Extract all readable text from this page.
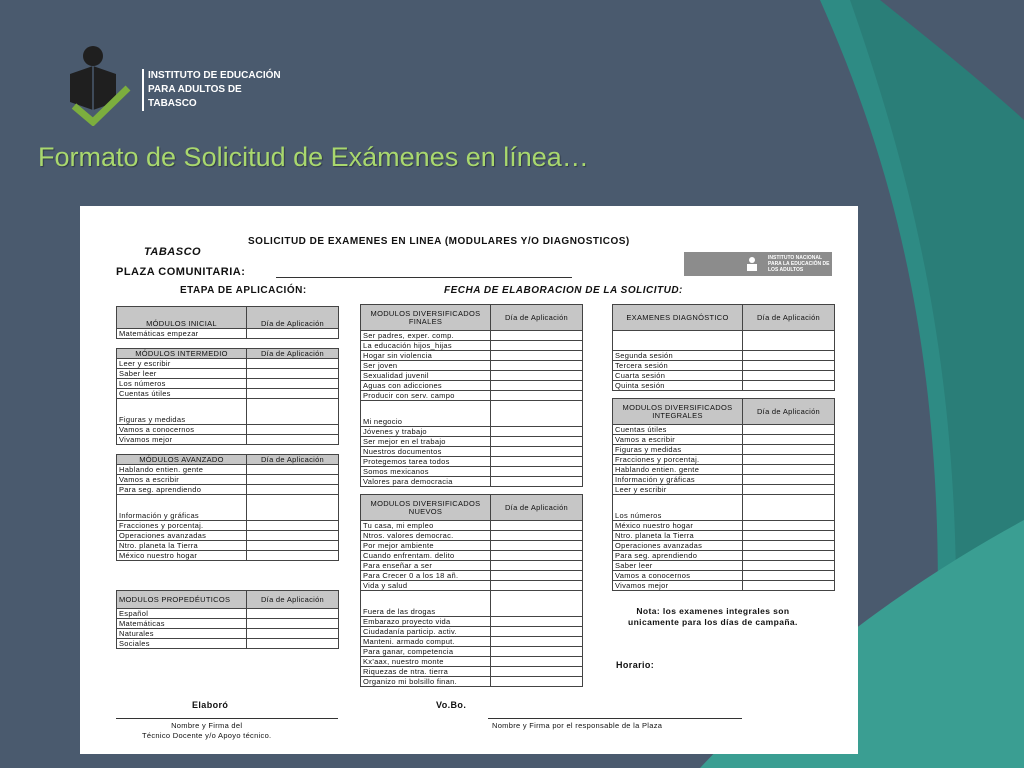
INSTITUTO DE EDUCACIÓN
PARA ADULTOS DE
TABASCO
Formato de Solicitud de Exámenes en línea…
SOLICITUD DE EXAMENES EN LINEA (MODULARES Y/O DIAGNOSTICOS)
TABASCO
PLAZA COMUNITARIA:
ETAPA DE APLICACIÓN:	FECHA DE ELABORACION DE LA SOLICITUD:
INSTITUTO NACIONAL PARA LA EDUCACIÓN DE LOS ADULTOS
MÓDULOS INICIAL	Día de Aplicación
Matemáticas empezar	
MÓDULOS INTERMEDIO	Día de Aplicación
Leer y escribir	
Saber leer	
Los números	
Cuentas útiles	
Figuras y medidas	
Vamos a conocernos	
Vivamos mejor	
MÓDULOS AVANZADO	Día de Aplicación
Hablando entien. gente	
Vamos a escribir	
Para seg. aprendiendo	
Información y gráficas	
Fracciones y porcentaj.	
Operaciones avanzadas	
Ntro. planeta la Tierra	
México nuestro hogar	
MODULOS PROPEDÉUTICOS	Día de Aplicación
Español	
Matemáticas	
Naturales	
Sociales	
MODULOS DIVERSIFICADOS FINALES	Día de Aplicación
Ser padres, exper. comp.	
La educación hijos_hijas	
Hogar sin violencia	
Ser joven	
Sexualidad juvenil	
Aguas con adicciones	
Producir con serv. campo	
Mi negocio	
Jóvenes y trabajo	
Ser mejor en el trabajo	
Nuestros documentos	
Protegemos tarea todos	
Somos mexicanos	
Valores para democracia	
MODULOS DIVERSIFICADOS NUEVOS	Día de Aplicación
Tu casa, mi empleo	
Ntros. valores democrac.	
Por mejor ambiente	
Cuando enfrentam. delito	
Para enseñar a ser	
Para Crecer 0 a los 18 añ.	
Vida y salud	
Fuera de las drogas	
Embarazo proyecto vida	
Ciudadanía particip. activ.	
Manteni. armado comput.	
Para ganar, competencia	
Kx'aax, nuestro monte	
Riquezas de ntra. tierra	
Organizo mi bolsillo finan.	
EXAMENES DIAGNÓSTICO	Día de Aplicación

Segunda sesión	
Tercera sesión	
Cuarta sesión	
Quinta sesión	
MODULOS DIVERSIFICADOS INTEGRALES	Día de Aplicación
Cuentas útiles	
Vamos a escribir	
Figuras y medidas	
Fracciones y porcentaj.	
Hablando entien. gente	
Información y gráficas	
Leer y escribir	
Los números	
México nuestro hogar	
Ntro. planeta la Tierra	
Operaciones avanzadas	
Para seg. aprendiendo	
Saber leer	
Vamos a conocernos	
Vivamos mejor	
Nota: los examenes integrales son
unicamente para los días de campaña.
Horario:
Elaboró	Vo.Bo.
Nombre y Firma del
Técnico Docente y/o Apoyo técnico.
Nombre y Firma por el responsable de la Plaza
